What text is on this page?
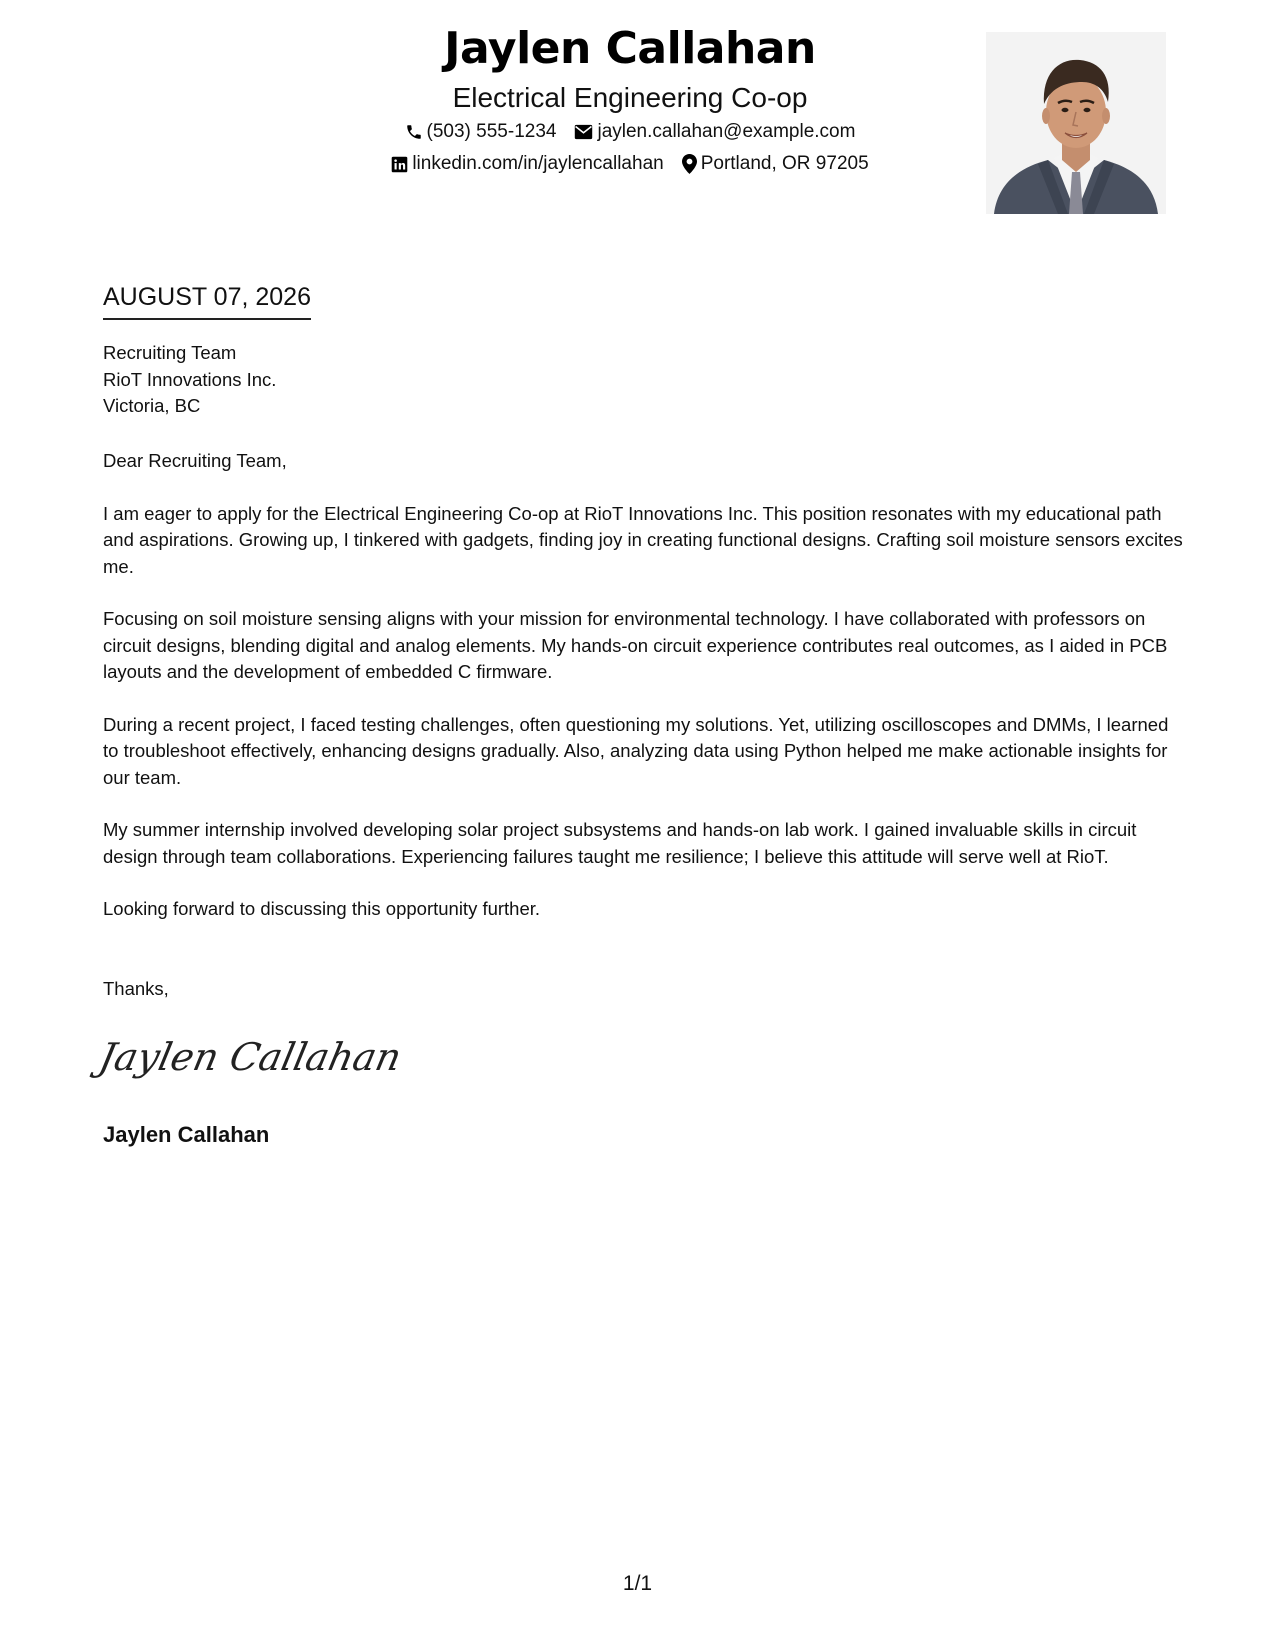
Jaylen Callahan
Electrical Engineering Co-op
(503) 555-1234 jaylen.callahan@example.com
linkedin.com/in/jaylencallahan Portland, OR 97205
AUGUST 07, 2026
Recruiting Team
RioT Innovations Inc.
Victoria, BC

Dear Recruiting Team,

I am eager to apply for the Electrical Engineering Co-op at RioT Innovations Inc. This position resonates with my educational path and aspirations. Growing up, I tinkered with gadgets, finding joy in creating functional designs. Crafting soil moisture sensors excites me.

Focusing on soil moisture sensing aligns with your mission for environmental technology. I have collaborated with professors on circuit designs, blending digital and analog elements. My hands-on circuit experience contributes real outcomes, as I aided in PCB layouts and the development of embedded C firmware.

During a recent project, I faced testing challenges, often questioning my solutions. Yet, utilizing oscilloscopes and DMMs, I learned to troubleshoot effectively, enhancing designs gradually. Also, analyzing data using Python helped me make actionable insights for our team.

My summer internship involved developing solar project subsystems and hands-on lab work. I gained invaluable skills in circuit design through team collaborations. Experiencing failures taught me resilience; I believe this attitude will serve well at RioT.

Looking forward to discussing this opportunity further.

Thanks,
Jaylen Callahan
Jaylen Callahan
1/1
